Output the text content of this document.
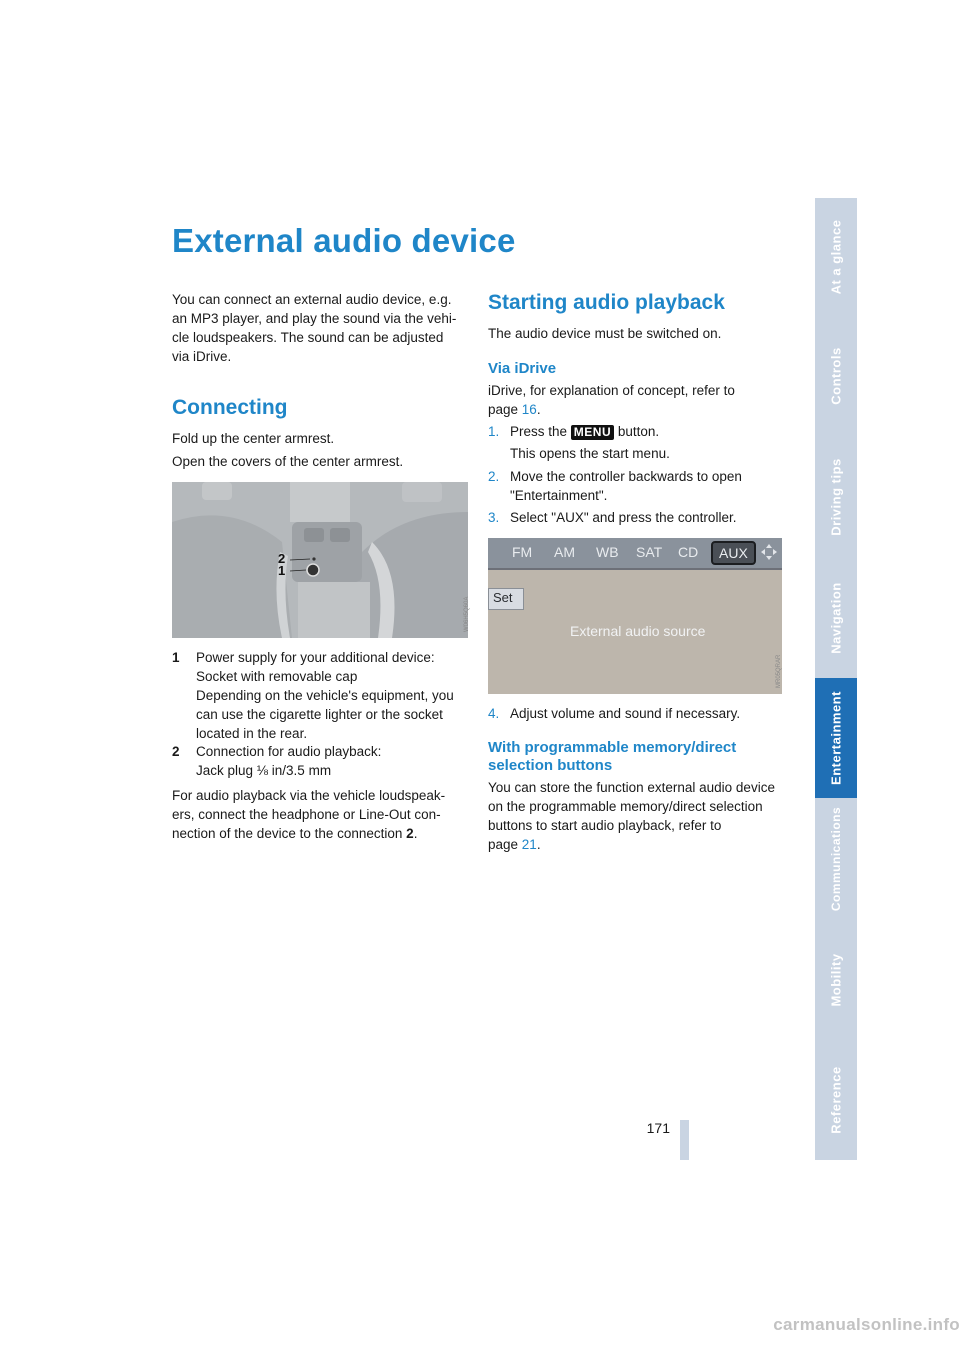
External audio device
You can connect an external audio device, e.g.
an MP3 player, and play the sound via the vehi-
cle loudspeakers. The sound can be adjusted
via iDrive.
Connecting
Fold up the center armrest.
Open the covers of the center armrest.
2
1
W06H5Q60A
1 Power supply for your additional device:
Socket with removable cap
Depending on the vehicle's equipment, you
can use the cigarette lighter or the socket
located in the rear.
2 Connection for audio playback:
Jack plug ⅛ in/3.5 mm
For audio playback via the vehicle loudspeak-
ers, connect the headphone or Line-Out con-
nection of the device to the connection 2.
Starting audio playback
The audio device must be switched on.
Via iDrive
iDrive, for explanation of concept, refer to
page 16.
1. Press the MENU button.
This opens the start menu.
2. Move the controller backwards to open
"Entertainment".
3. Select "AUX" and press the controller.
FM AM WB SAT CD	AUX
Set
External audio source
MR05QRAR
4. Adjust volume and sound if necessary.
With programmable memory/direct
selection buttons
You can store the function external audio device
on the programmable memory/direct selection
buttons to start audio playback, refer to
page 21.
At a glance
Controls
Driving tips
Navigation
Entertainment
Communications
Mobility
Reference
171
carmanualsonline.info
